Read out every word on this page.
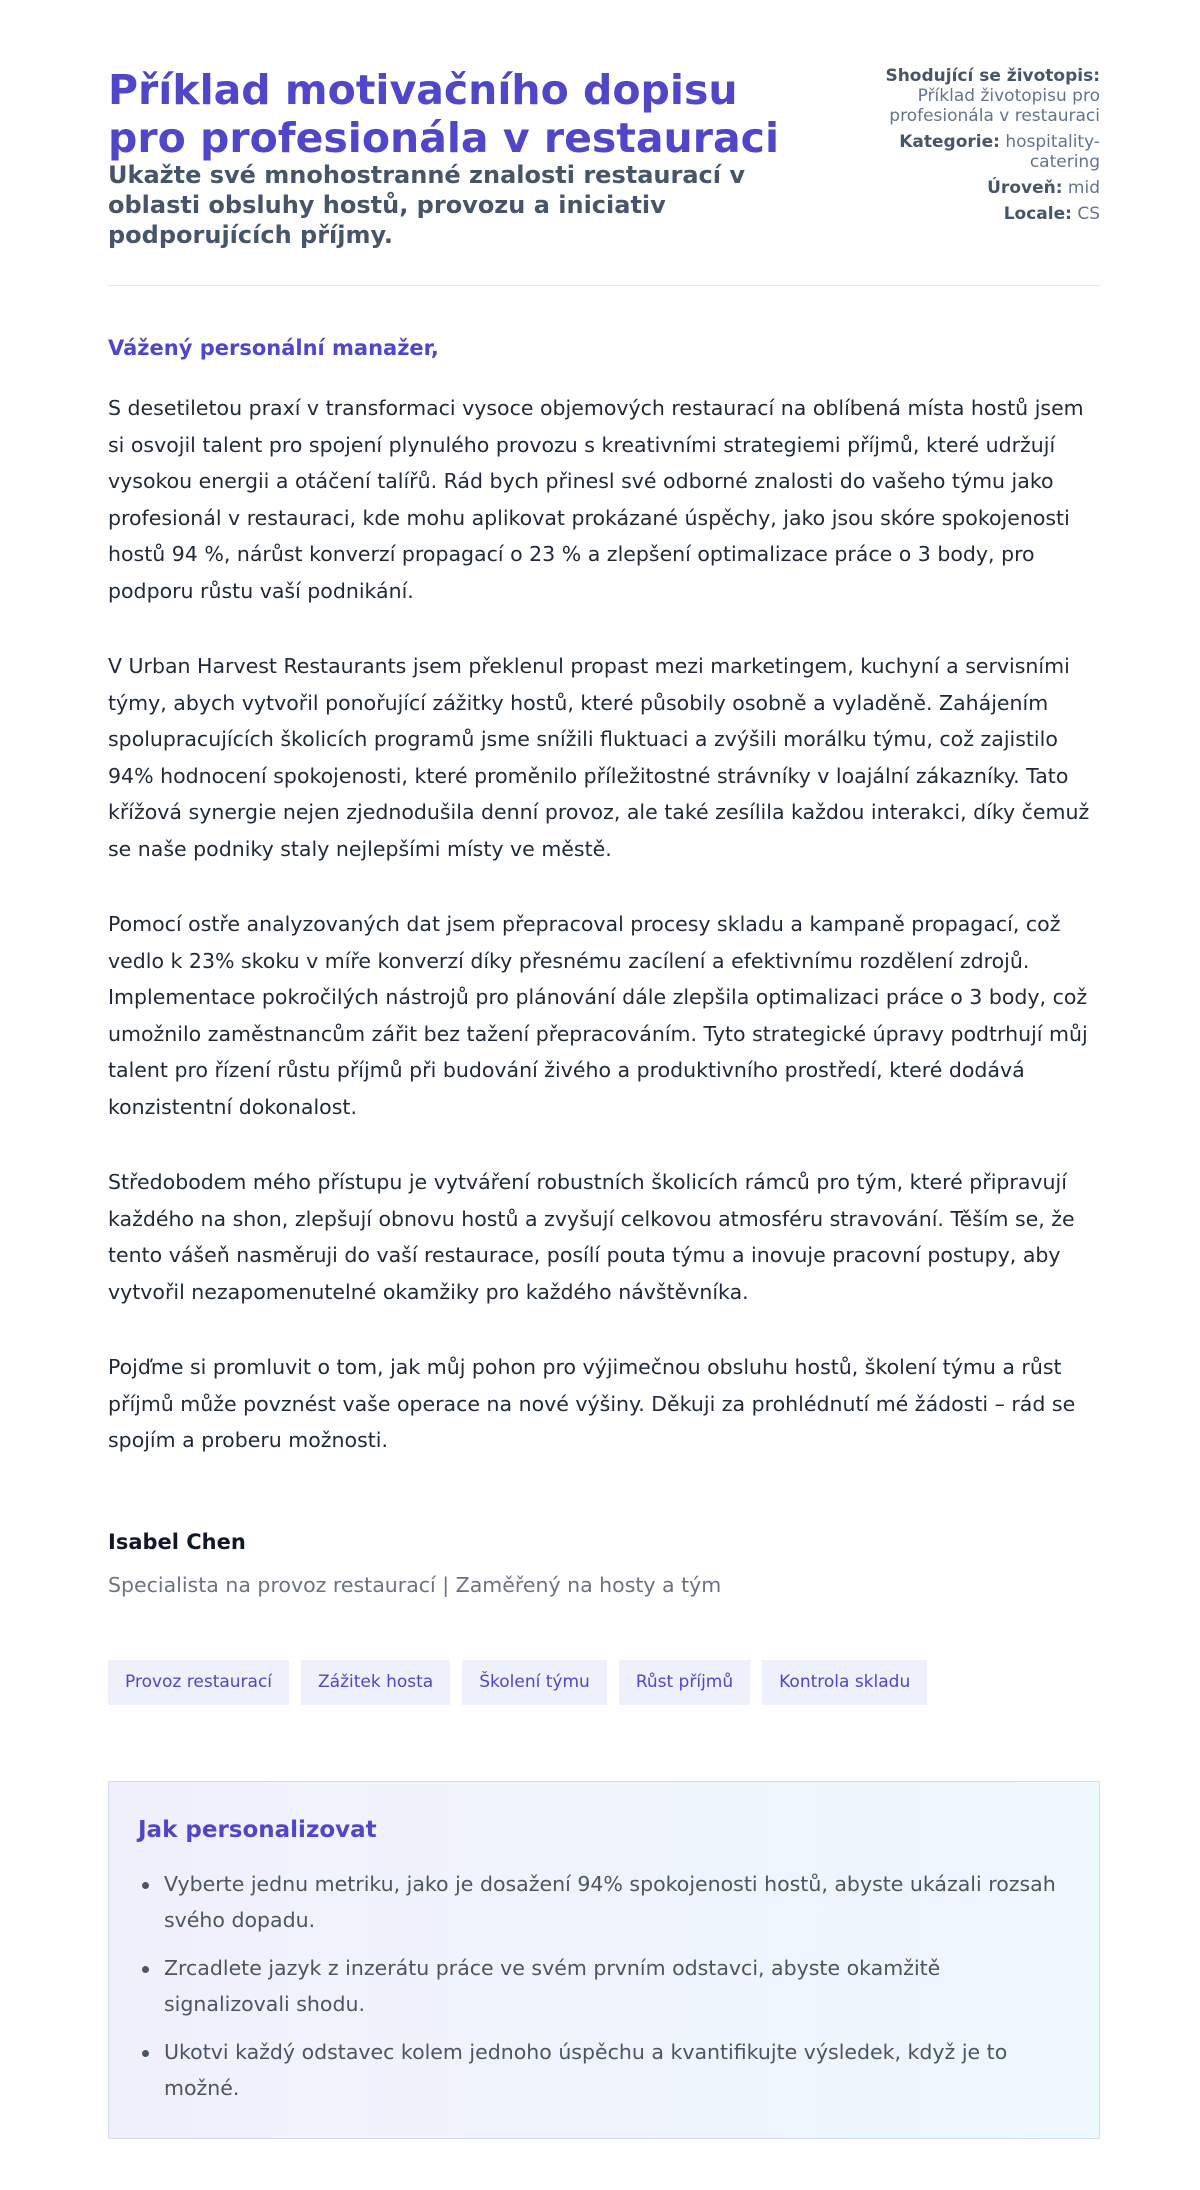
Příklad motivačního dopisu pro profesionála v restauraci
Ukažte své mnohostranné znalosti restaurací v oblasti obsluhy hostů, provozu a iniciativ podporujících příjmy.
Shodující se životopis: Příklad životopisu pro profesionála v restauraci
Kategorie: hospitality-catering
Úroveň: mid
Locale: CS
Vážený personální manažer,

S desetiletou praxí v transformaci vysoce objemových restaurací na oblíbená místa hostů jsem si osvojil talent pro spojení plynulého provozu s kreativními strategiemi příjmů, které udržují vysokou energii a otáčení talířů. Rád bych přinesl své odborné znalosti do vašeho týmu jako profesionál v restauraci, kde mohu aplikovat prokázané úspěchy, jako jsou skóre spokojenosti hostů 94 %, nárůst konverzí propagací o 23 % a zlepšení optimalizace práce o 3 body, pro podporu růstu vaší podnikání.

V Urban Harvest Restaurants jsem překlenul propast mezi marketingem, kuchyní a servisními týmy, abych vytvořil ponořující zážitky hostů, které působily osobně a vyladěně. Zahájením spolupracujících školicích programů jsme snížili fluktuaci a zvýšili morálku týmu, což zajistilo 94% hodnocení spokojenosti, které proměnilo příležitostné strávníky v loajální zákazníky. Tato křížová synergie nejen zjednodušila denní provoz, ale také zesílila každou interakci, díky čemuž se naše podniky staly nejlepšími místy ve městě.

Pomocí ostře analyzovaných dat jsem přepracoval procesy skladu a kampaně propagací, což vedlo k 23% skoku v míře konverzí díky přesnému zacílení a efektivnímu rozdělení zdrojů. Implementace pokročilých nástrojů pro plánování dále zlepšila optimalizaci práce o 3 body, což umožnilo zaměstnancům zářit bez tažení přepracováním. Tyto strategické úpravy podtrhují můj talent pro řízení růstu příjmů při budování živého a produktivního prostředí, které dodává konzistentní dokonalost.

Středobodem mého přístupu je vytváření robustních školicích rámců pro tým, které připravují každého na shon, zlepšují obnovu hostů a zvyšují celkovou atmosféru stravování. Těším se, že tento vášeň nasměruji do vaší restaurace, posílí pouta týmu a inovuje pracovní postupy, aby vytvořil nezapomenutelné okamžiky pro každého návštěvníka.

Pojďme si promluvit o tom, jak můj pohon pro výjimečnou obsluhu hostů, školení týmu a růst příjmů může povznést vaše operace na nové výšiny. Děkuji za prohlédnutí mé žádosti – rád se spojím a proberu možnosti.

Isabel Chen
Specialista na provoz restaurací | Zaměřený na hosty a tým
Provoz restaurací	Zážitek hosta	Školení týmu	Růst příjmů	Kontrola skladu
Jak personalizovat
Vyberte jednu metriku, jako je dosažení 94% spokojenosti hostů, abyste ukázali rozsah svého dopadu.
Zrcadlete jazyk z inzerátu práce ve svém prvním odstavci, abyste okamžitě signalizovali shodu.
Ukotvi každý odstavec kolem jednoho úspěchu a kvantifikujte výsledek, když je to možné.
